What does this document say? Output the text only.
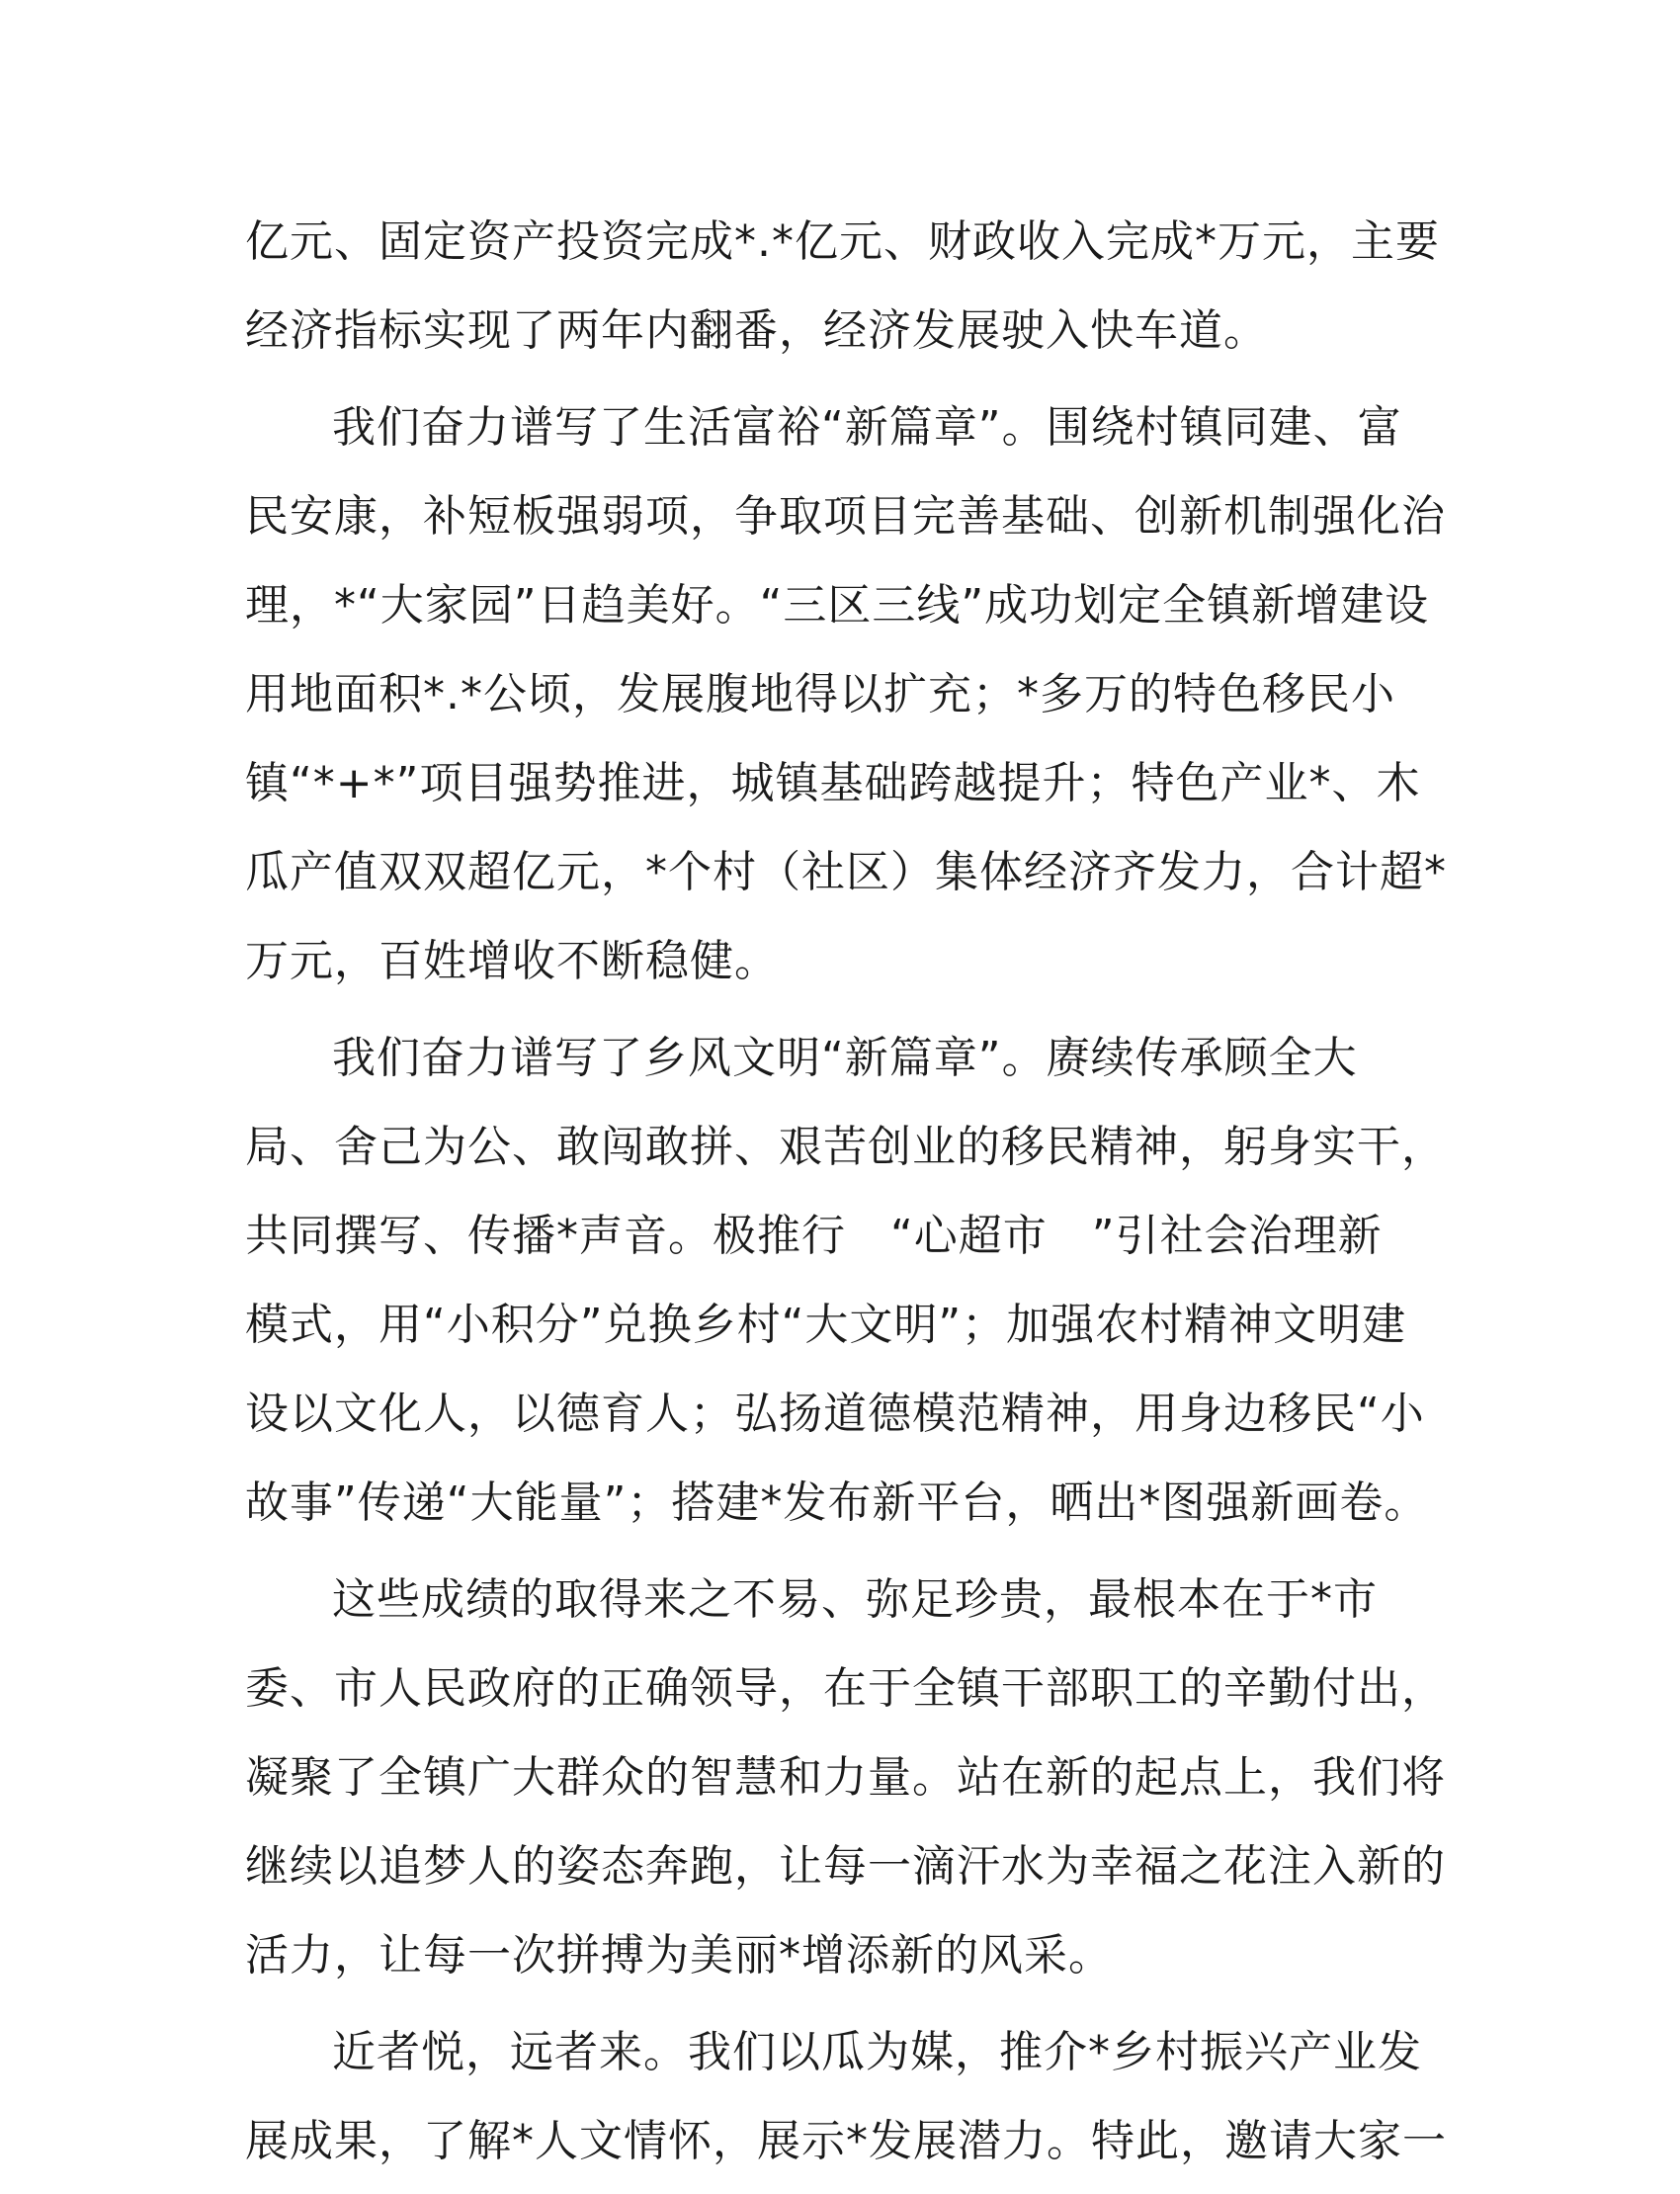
亿元、固定资产投资完成*.*亿元、财政收入完成*万元，主要
经济指标实现了两年内翻番，经济发展驶入快车道。
我们奋力谱写了生活富裕“新篇章”。围绕村镇同建、富
民安康，补短板强弱项，争取项目完善基础、创新机制强化治
理，*“大家园”日趋美好。“三区三线”成功划定全镇新增建设
用地面积*.*公顷，发展腹地得以扩充；*多万的特色移民小
镇“*+*”项目强势推进，城镇基础跨越提升；特色产业*、木
瓜产值双双超亿元，*个村（社区）集体经济齐发力，合计超*
万元，百姓增收不断稳健。
我们奋力谱写了乡风文明“新篇章”。赓续传承顾全大
局、舍己为公、敢闯敢拼、艰苦创业的移民精神，躬身实干，
共同撰写、传播*声音。极推行　“心超市　”引社会治理新
模式，用“小积分”兑换乡村“大文明”；加强农村精神文明建
设以文化人，以德育人；弘扬道德模范精神，用身边移民“小
故事”传递“大能量”；搭建*发布新平台，晒出*图强新画卷。
这些成绩的取得来之不易、弥足珍贵，最根本在于*市
委、市人民政府的正确领导，在于全镇干部职工的辛勤付出，
凝聚了全镇广大群众的智慧和力量。站在新的起点上，我们将
继续以追梦人的姿态奔跑，让每一滴汗水为幸福之花注入新的
活力，让每一次拼搏为美丽*增添新的风采。
近者悦，远者来。我们以瓜为媒，推介*乡村振兴产业发
展成果，了解*人文情怀，展示*发展潜力。特此，邀请大家一
